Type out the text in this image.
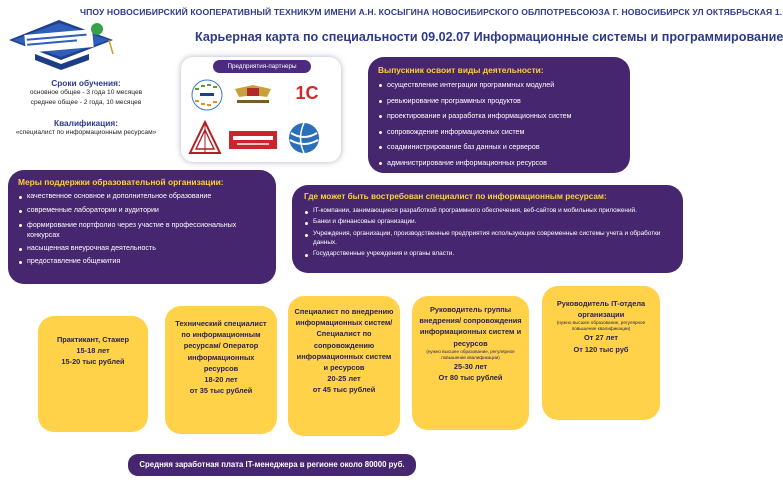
ЧПОУ НОВОСИБИРСКИЙ КООПЕРАТИВНЫЙ ТЕХНИКУМ ИМЕНИ А.Н. КОСЫГИНА НОВОСИБИРСКОГО ОБЛПОТРЕБСОЮЗА Г. НОВОСИБИРСК УЛ ОКТЯБРЬСКАЯ 1.
Карьерная карта по специальности 09.02.07 Информационные системы и программирование
Сроки обучения:
основное общее - 3 года 10 месяцев
среднее общее - 2 года, 10 месяцев
Квалификация:
«специалист по информационным ресурсам»
Предприятия-партнеры
1С
Выпускник освоит виды деятельности:
осуществление интеграции программных модулей
ревьюирование программных продуктов
проектирование и разработка информационных систем
сопровождение информационных систем
соадминистрирование баз данных и серверов
администрирование информационных ресурсов
Меры поддержки образовательной организации:
качественное основное и дополнительное образование
современные лаборатории и аудитории
формирование портфолио через участие в профессиональных конкурсах
насыщенная внеурочная деятельность
предоставление общежития
Где может быть востребован специалист по информационным ресурсам:
IT-компании, занимающиеся разработкой программного обеспечения, веб-сайтов и мобильных приложений.
Банки и финансовые организации.
Учреждения, организации, производственные предприятия использующие современные системы учета и обработки данных.
Государственные учреждения и органы власти.
Практикант, Стажер
15-18 лет
15-20 тыс рублей
Технический специалист по информационным ресурсам/ Оператор информационных ресурсов
18-20 лет
от 35 тыс рублей
Специалист по внедрению информационных систем/ Специалист по сопровождению информационных систем и ресурсов
20-25 лет
от 45 тыс рублей
Руководитель группы внедрения/ сопровождения информационных систем и ресурсов
(нужно высшее образование, регулярное повышение квалификации)
25-30 лет
От 80 тыс рублей
Руководитель IT-отдела организации
(нужно высшее образование, регулярное повышение квалификации)
От 27 лет
От 120 тыс руб
Средняя заработная плата IT-менеджера в регионе около 80000 руб.
